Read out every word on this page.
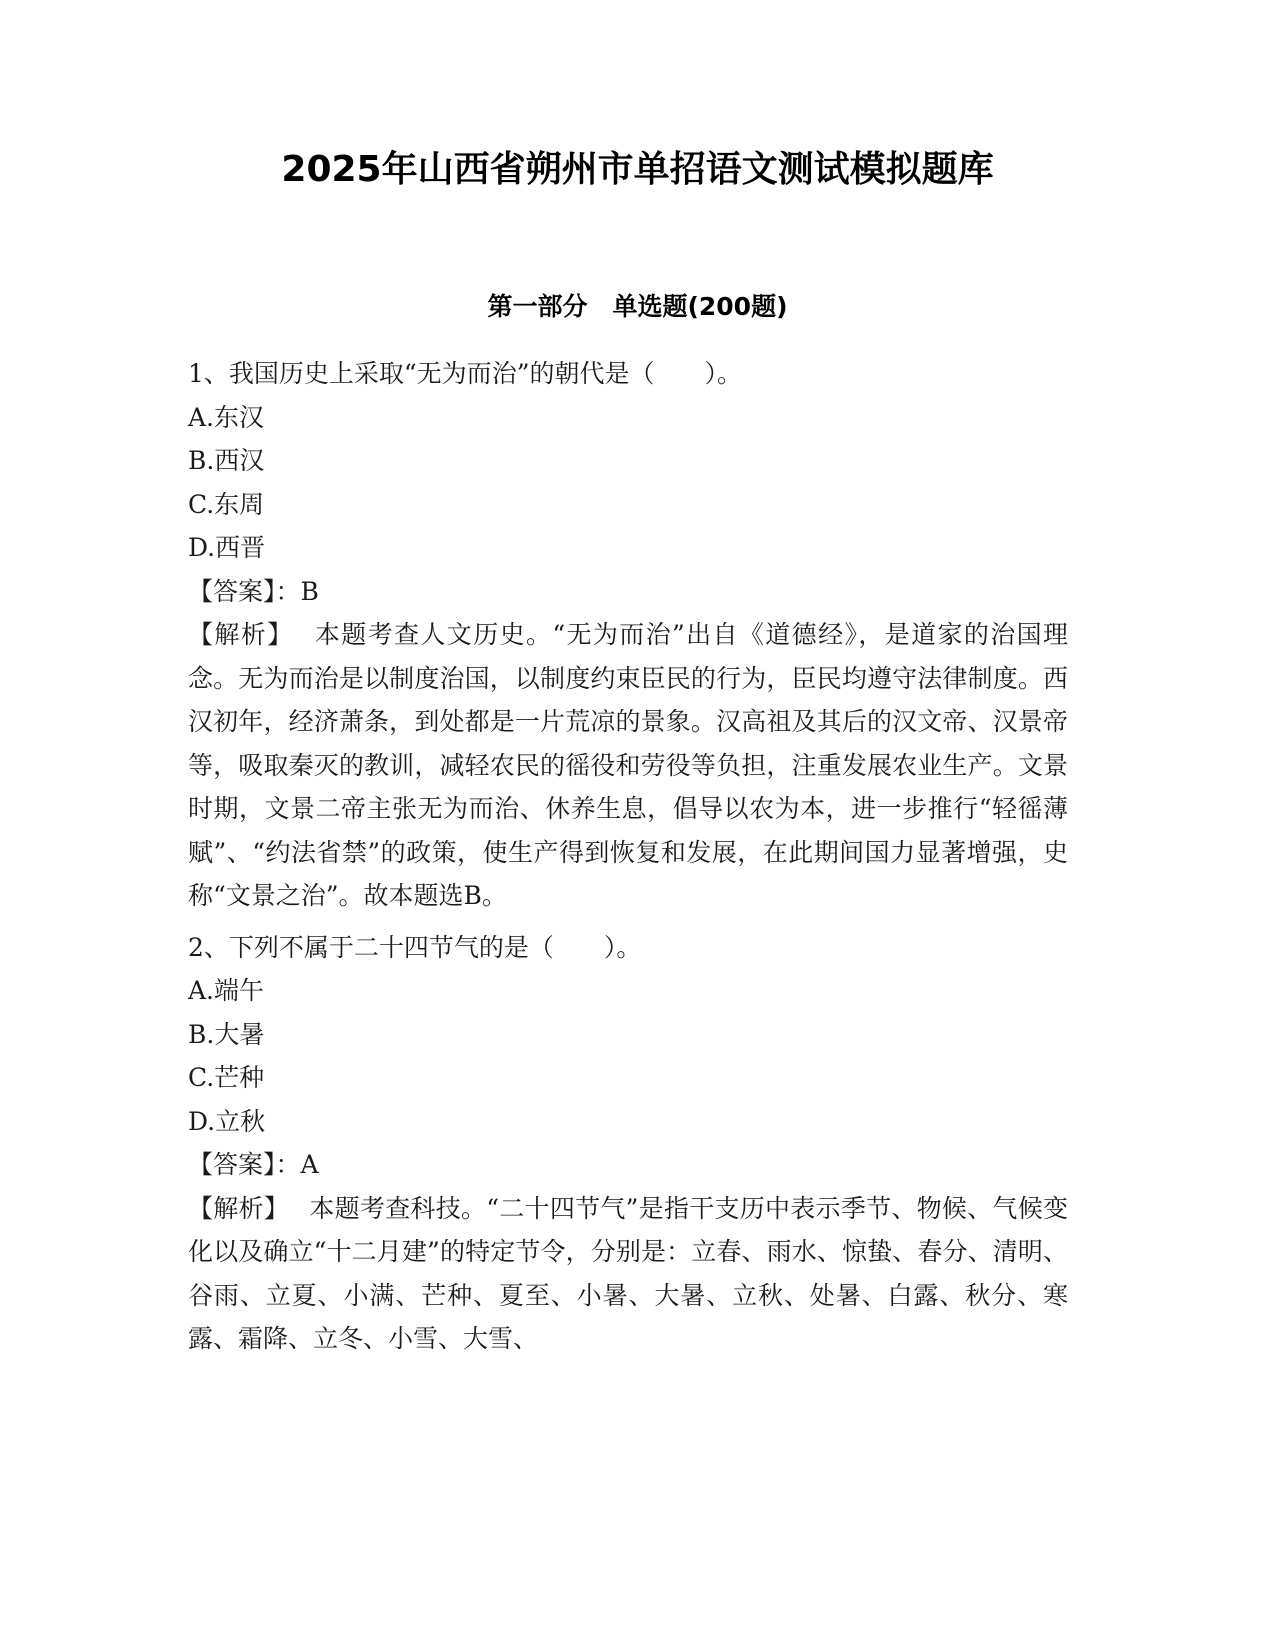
2025年山西省朔州市单招语文测试模拟题库
第一部分　单选题(200题)
1、我国历史上采取“无为而治”的朝代是（　　）。
A.东汉
B.西汉
C.东周
D.西晋
【答案】：B
【解析】 本题考查人文历史。“无为而治”出自《道德经》，是道家的治国理念。无为而治是以制度治国，以制度约束臣民的行为，臣民均遵守法律制度。西汉初年，经济萧条，到处都是一片荒凉的景象。汉高祖及其后的汉文帝、汉景帝等，吸取秦灭的教训，减轻农民的徭役和劳役等负担，注重发展农业生产。文景时期，文景二帝主张无为而治、休养生息，倡导以农为本，进一步推行“轻徭薄赋”、“约法省禁”的政策，使生产得到恢复和发展，在此期间国力显著增强，史称“文景之治”。故本题选B。
2、下列不属于二十四节气的是（　　）。
A.端午
B.大暑
C.芒种
D.立秋
【答案】：A
【解析】 本题考查科技。“二十四节气”是指干支历中表示季节、物候、气候变化以及确立“十二月建”的特定节令，分别是：立春、雨水、惊蛰、春分、清明、谷雨、立夏、小满、芒种、夏至、小暑、大暑、立秋、处暑、白露、秋分、寒露、霜降、立冬、小雪、大雪、
